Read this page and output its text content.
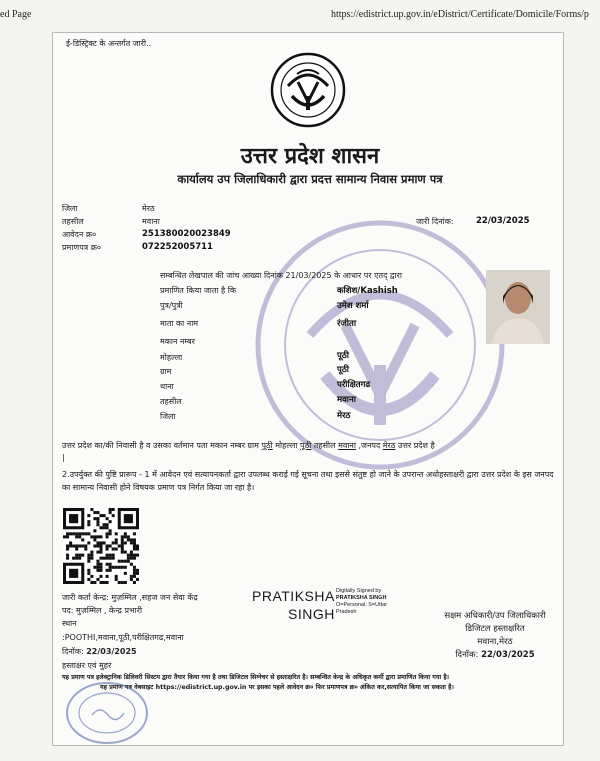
ed Page	https://edistrict.up.gov.in/eDistrict/Certificate/Domicile/Forms/p
ई-डिस्ट्रिक्ट के अन्तर्गत जारी..
उत्तर प्रदेश शासन
कार्यालय उप जिलाधिकारी द्वारा प्रदत्त सामान्य निवास प्रमाण पत्र
जिला	मेरठ
तहसील	मवाना
आवेदन क्र०	251380020023849
प्रमाणपत्र क्र०	072252005711
जारी दिनांक:	22/03/2025
सम्बन्धित लेखपाल की जांच आख्या दिनांक 21/03/2025 के आधार पर एतद् द्वारा
प्रमाणित किया जाता है कि	कशिश/Kashish
पुत्र/पुत्री	उमेश शर्मा
माता का नाम	रंजीता
मकान नम्बर
मोहल्ला	पूठी
ग्राम	पूठी
थाना	परीक्षितगढ
तहसील	मवाना
जिला	मेरठ
उत्तर प्रदेश का/की निवासी है व उसका वर्तमान पता मकान नम्बर ग्राम पूठी मोहल्ला पूठी तहसील मवाना ,जनपद मेरठ उत्तर प्रदेश है
|
2.उपर्युक्त की पुष्टि प्रारूप - 1 में आवेदन एवं सत्यापनकर्ता द्वारा उपलब्ध कराई गई सूचना तथा इससे संतुष्ट हो जाने के उपरान्त अधोहस्ताक्षरी द्वारा उत्तर प्रदेश के इस जनपद का सामान्य निवासी होने विषयक प्रमाण पत्र निर्गत किया जा रहा है।
जारी कर्ता केन्द्र: मुज़म्मिल ,सहज जन सेवा केंद्र
पद: मुज़म्मिल , केन्द्र प्रभारी
स्थान
:POOTHI,मवाना,पूठी,परीक्षितगढ,मवाना
दिनॉक: 22/03/2025
हस्ताक्षर एवं मुहर
PRATIKSHA
SINGH
Digitally Signed by
PRATIKSHA SINGH
O=Personal, S=Uttar
Pradesh	सक्षम अधिकारी/उप जिलाधिकारी
डिजिटल हस्ताक्षरित
मवाना,मेरठ
दिनॉक: 22/03/2025
यह प्रमाण पत्र इलेक्ट्रानिक डिलिवरी सिस्टम द्वारा तैयार किया गया है तथा डिजिटल सिग्नेचर से हस्ताक्षरित है। सम्बन्धित केन्द्र के अधिकृत कर्मी द्वारा प्रमाणित किया गया है।
यह प्रमाण पत्र वेबसाइट https://edistrict.up.gov.in पर इसका पहले आवेदन क्र० फिर प्रमाणपत्र क्र० अंकित कर,सत्यापित किया जा सकता है।
